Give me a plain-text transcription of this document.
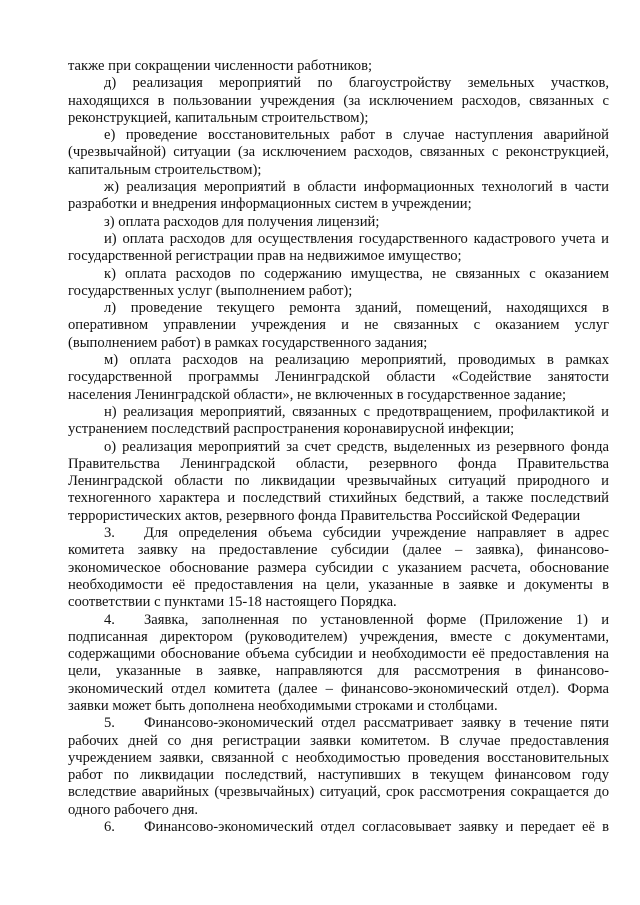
также при сокращении численности работников;

д) реализация мероприятий по благоустройству земельных участков, находящихся в пользовании учреждения (за исключением расходов, связанных с реконструкцией, капитальным строительством);

е) проведение восстановительных работ в случае наступления аварийной (чрезвычайной) ситуации (за исключением расходов, связанных с реконструкцией, капитальным строительством);

ж) реализация мероприятий в области информационных технологий в части разработки и внедрения информационных систем в учреждении;

з) оплата расходов для получения лицензий;

и) оплата расходов для осуществления государственного кадастрового учета и государственной регистрации прав на недвижимое имущество;

к) оплата расходов по содержанию имущества, не связанных с оказанием государственных услуг (выполнением работ);

л) проведение текущего ремонта зданий, помещений, находящихся в оперативном управлении учреждения и не связанных с оказанием услуг (выполнением работ) в рамках государственного задания;

м) оплата расходов на реализацию мероприятий, проводимых в рамках государственной программы Ленинградской области «Содействие занятости населения Ленинградской области», не включенных в государственное задание;

н) реализация мероприятий, связанных с предотвращением, профилактикой и устранением последствий распространения коронавирусной инфекции;

о) реализация мероприятий за счет средств, выделенных из резервного фонда Правительства Ленинградской области, резервного фонда Правительства Ленинградской области по ликвидации чрезвычайных ситуаций природного и техногенного характера и последствий стихийных бедствий, а также последствий террористических актов, резервного фонда Правительства Российской Федерации

3. Для определения объема субсидии учреждение направляет в адрес комитета заявку на предоставление субсидии (далее – заявка), финансово-экономическое обоснование размера субсидии с указанием расчета, обоснование необходимости её предоставления на цели, указанные в заявке и документы в соответствии с пунктами 15-18 настоящего Порядка.

4. Заявка, заполненная по установленной форме (Приложение 1) и подписанная директором (руководителем) учреждения, вместе с документами, содержащими обоснование объема субсидии и необходимости её предоставления на цели, указанные в заявке, направляются для рассмотрения в финансово-экономический отдел комитета (далее – финансово-экономический отдел). Форма заявки может быть дополнена необходимыми строками и столбцами.

5. Финансово-экономический отдел рассматривает заявку в течение пяти рабочих дней со дня регистрации заявки комитетом. В случае предоставления учреждением заявки, связанной с необходимостью проведения восстановительных работ по ликвидации последствий, наступивших в текущем финансовом году вследствие аварийных (чрезвычайных) ситуаций, срок рассмотрения сокращается до одного рабочего дня.

6. Финансово-экономический отдел согласовывает заявку и передает её в
